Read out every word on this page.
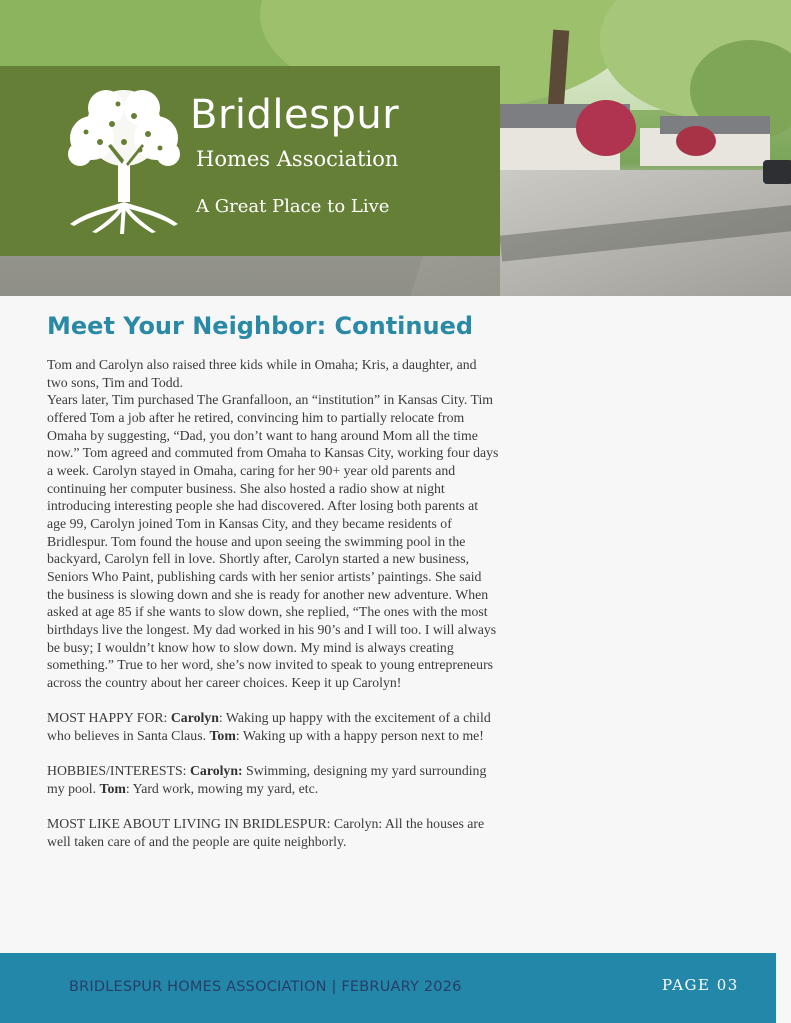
Bridlespur
Homes Association
A Great Place to Live
Meet Your Neighbor: Continued

Tom and Carolyn also raised three kids while in Omaha; Kris, a daughter, and two sons, Tim and Todd.

Years later, Tim purchased The Granfalloon, an “institution” in Kansas City. Tim offered Tom a job after he retired, convincing him to partially relocate from Omaha by suggesting, “Dad, you don’t want to hang around Mom all the time now.” Tom agreed and commuted from Omaha to Kansas City, working four days a week. Carolyn stayed in Omaha, caring for her 90+ year old parents and continuing her computer business. She also hosted a radio show at night introducing interesting people she had discovered. After losing both parents at age 99, Carolyn joined Tom in Kansas City, and they became residents of Bridlespur. Tom found the house and upon seeing the swimming pool in the backyard, Carolyn fell in love. Shortly after, Carolyn started a new business, Seniors Who Paint, publishing cards with her senior artists’ paintings. She said the business is slowing down and she is ready for another new adventure. When asked at age 85 if she wants to slow down, she replied, “The ones with the most birthdays live the longest. My dad worked in his 90’s and I will too. I will always be busy; I wouldn’t know how to slow down. My mind is always creating something.” True to her word, she’s now invited to speak to young entrepreneurs across the country about her career choices. Keep it up Carolyn!

MOST HAPPY FOR: Carolyn: Waking up happy with the excitement of a child who believes in Santa Claus. Tom: Waking up with a happy person next to me!

HOBBIES/INTERESTS: Carolyn: Swimming, designing my yard surrounding my pool. Tom: Yard work, mowing my yard, etc.

MOST LIKE ABOUT LIVING IN BRIDLESPUR: Carolyn: All the houses are well taken care of and the people are quite neighborly.

BRIDLESPUR HOMES ASSOCIATION | FEBRUARY 2026	PAGE 03
